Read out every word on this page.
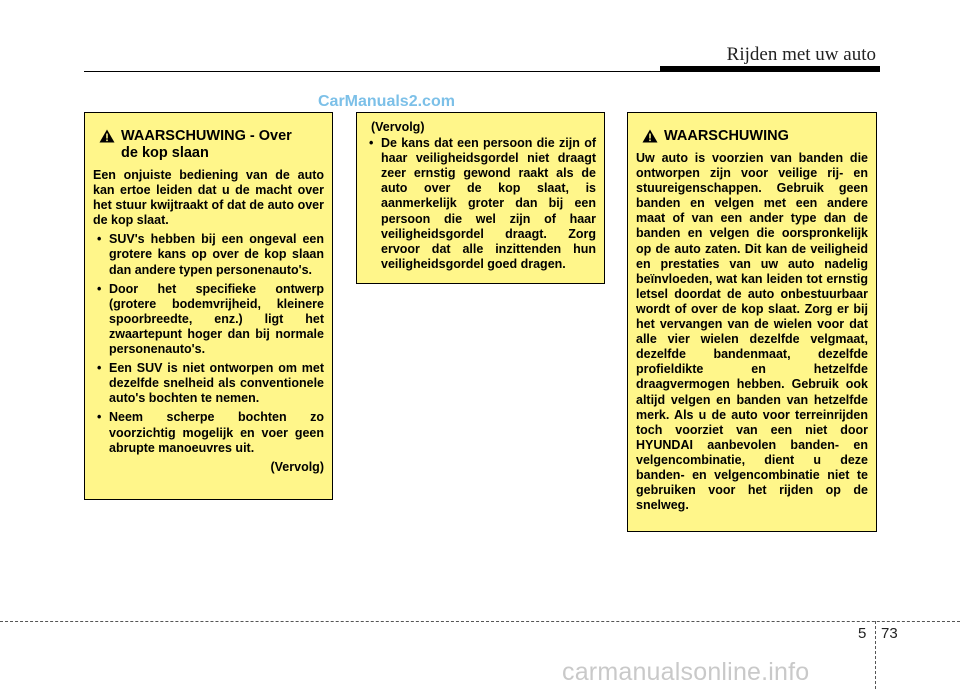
Rijden met uw auto
CarManuals2.com
WAARSCHUWING - Over
de kop slaan

Een onjuiste bediening van de auto kan ertoe leiden dat u de macht over het stuur kwijtraakt of dat de auto over de kop slaat.

• SUV's hebben bij een ongeval een grotere kans op over de kop slaan dan andere typen personenauto's.
• Door het specifieke ontwerp (grotere bodemvrijheid, kleinere spoorbreedte, enz.) ligt het zwaartepunt hoger dan bij normale personenauto's.
• Een SUV is niet ontworpen om met dezelfde snelheid als conventionele auto's bochten te nemen.
• Neem scherpe bochten zo voorzichtig mogelijk en voer geen abrupte manoeuvres uit.
(Vervolg)
(Vervolg)
• De kans dat een persoon die zijn of haar veiligheidsgordel niet draagt zeer ernstig gewond raakt als de auto over de kop slaat, is aanmerkelijk groter dan bij een persoon die wel zijn of haar veiligheidsgordel draagt. Zorg ervoor dat alle inzittenden hun veiligheidsgordel goed dragen.
WAARSCHUWING

Uw auto is voorzien van banden die ontworpen zijn voor veilige rij- en stuureigenschappen. Gebruik geen banden en velgen met een andere maat of van een ander type dan de banden en velgen die oorspronkelijk op de auto zaten. Dit kan de veiligheid en prestaties van uw auto nadelig beïnvloeden, wat kan leiden tot ernstig letsel doordat de auto onbestuurbaar wordt of over de kop slaat. Zorg er bij het vervangen van de wielen voor dat alle vier wielen dezelfde velgmaat, dezelfde bandenmaat, dezelfde profieldikte en hetzelfde draagvermogen hebben. Gebruik ook altijd velgen en banden van hetzelfde merk. Als u de auto voor terreinrijden toch voorziet van een niet door HYUNDAI aanbevolen banden- en velgencombinatie, dient u deze banden- en velgencombinatie niet te gebruiken voor het rijden op de snelweg.

5 73
carmanualsonline.info
